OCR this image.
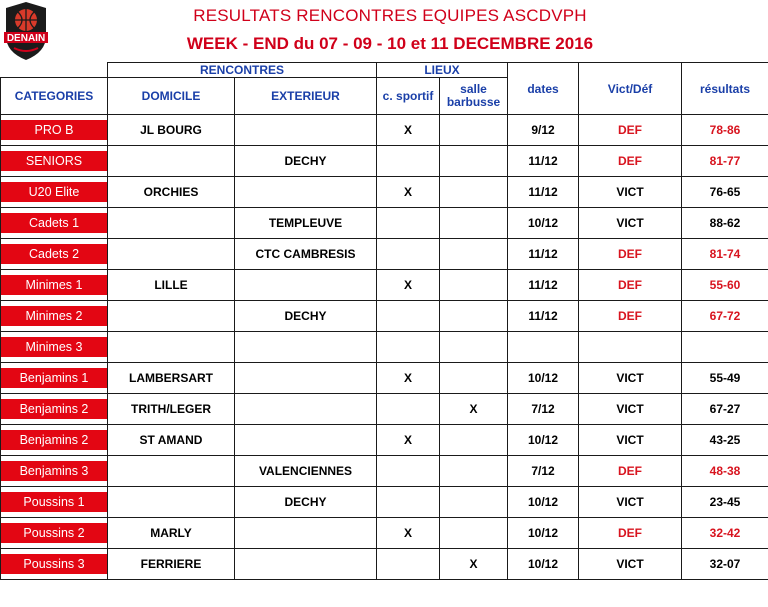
DENAIN
RESULTATS RENCONTRES EQUIPES ASCDVPH
WEEK - END du 07 - 09 - 10 et 11 DECEMBRE 2016
	RENCONTRES		LIEUX		dates	Vict/Déf	résultats
CATEGORIES	DOMICILE	EXTERIEUR	c. sportif	salle
barbusse			

PRO B	JL BOURG		X		9/12	DEF	78-86

SENIORS		DECHY			11/12	DEF	81-77

U20 Elite	ORCHIES		X		11/12	VICT	76-65

Cadets 1		TEMPLEUVE			10/12	VICT	88-62

Cadets 2		CTC CAMBRESIS			11/12	DEF	81-74

Minimes 1	LILLE		X		11/12	DEF	55-60

Minimes 2		DECHY			11/12	DEF	67-72

Minimes 3							

Benjamins 1	LAMBERSART		X		10/12	VICT	55-49

Benjamins 2	TRITH/LEGER			X	7/12	VICT	67-27

Benjamins 2	ST AMAND		X		10/12	VICT	43-25

Benjamins 3		VALENCIENNES			7/12	DEF	48-38

Poussins 1		DECHY			10/12	VICT	23-45

Poussins 2	MARLY		X		10/12	DEF	32-42

Poussins 3	FERRIERE			X	10/12	VICT	32-07
